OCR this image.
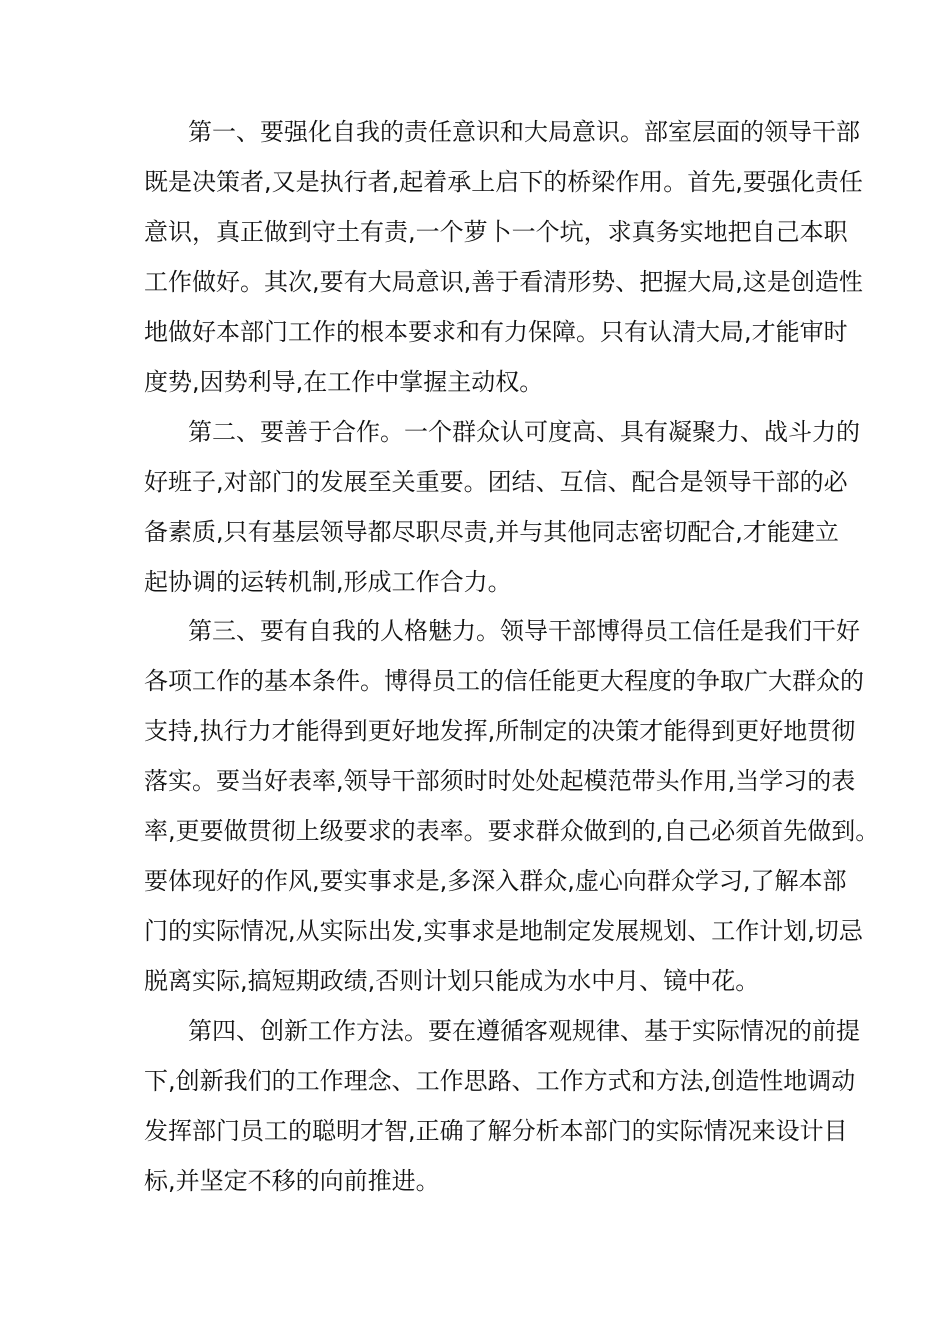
第一、要强化自我的责任意识和大局意识。部室层面的领导干部
既是决策者,又是执行者,起着承上启下的桥梁作用。首先,要强化责任
意识，真正做到守土有责,一个萝卜一个坑，求真务实地把自己本职
工作做好。其次,要有大局意识,善于看清形势、把握大局,这是创造性
地做好本部门工作的根本要求和有力保障。只有认清大局,才能审时
度势,因势利导,在工作中掌握主动权。
第二、要善于合作。一个群众认可度高、具有凝聚力、战斗力的
好班子,对部门的发展至关重要。团结、互信、配合是领导干部的必
备素质,只有基层领导都尽职尽责,并与其他同志密切配合,才能建立
起协调的运转机制,形成工作合力。
第三、要有自我的人格魅力。领导干部博得员工信任是我们干好
各项工作的基本条件。博得员工的信任能更大程度的争取广大群众的
支持,执行力才能得到更好地发挥,所制定的决策才能得到更好地贯彻
落实。要当好表率,领导干部须时时处处起模范带头作用,当学习的表
率,更要做贯彻上级要求的表率。要求群众做到的,自己必须首先做到。
要体现好的作风,要实事求是,多深入群众,虚心向群众学习,了解本部
门的实际情况,从实际出发,实事求是地制定发展规划、工作计划,切忌
脱离实际,搞短期政绩,否则计划只能成为水中月、镜中花。
第四、创新工作方法。要在遵循客观规律、基于实际情况的前提
下,创新我们的工作理念、工作思路、工作方式和方法,创造性地调动
发挥部门员工的聪明才智,正确了解分析本部门的实际情况来设计目
标,并坚定不移的向前推进。
